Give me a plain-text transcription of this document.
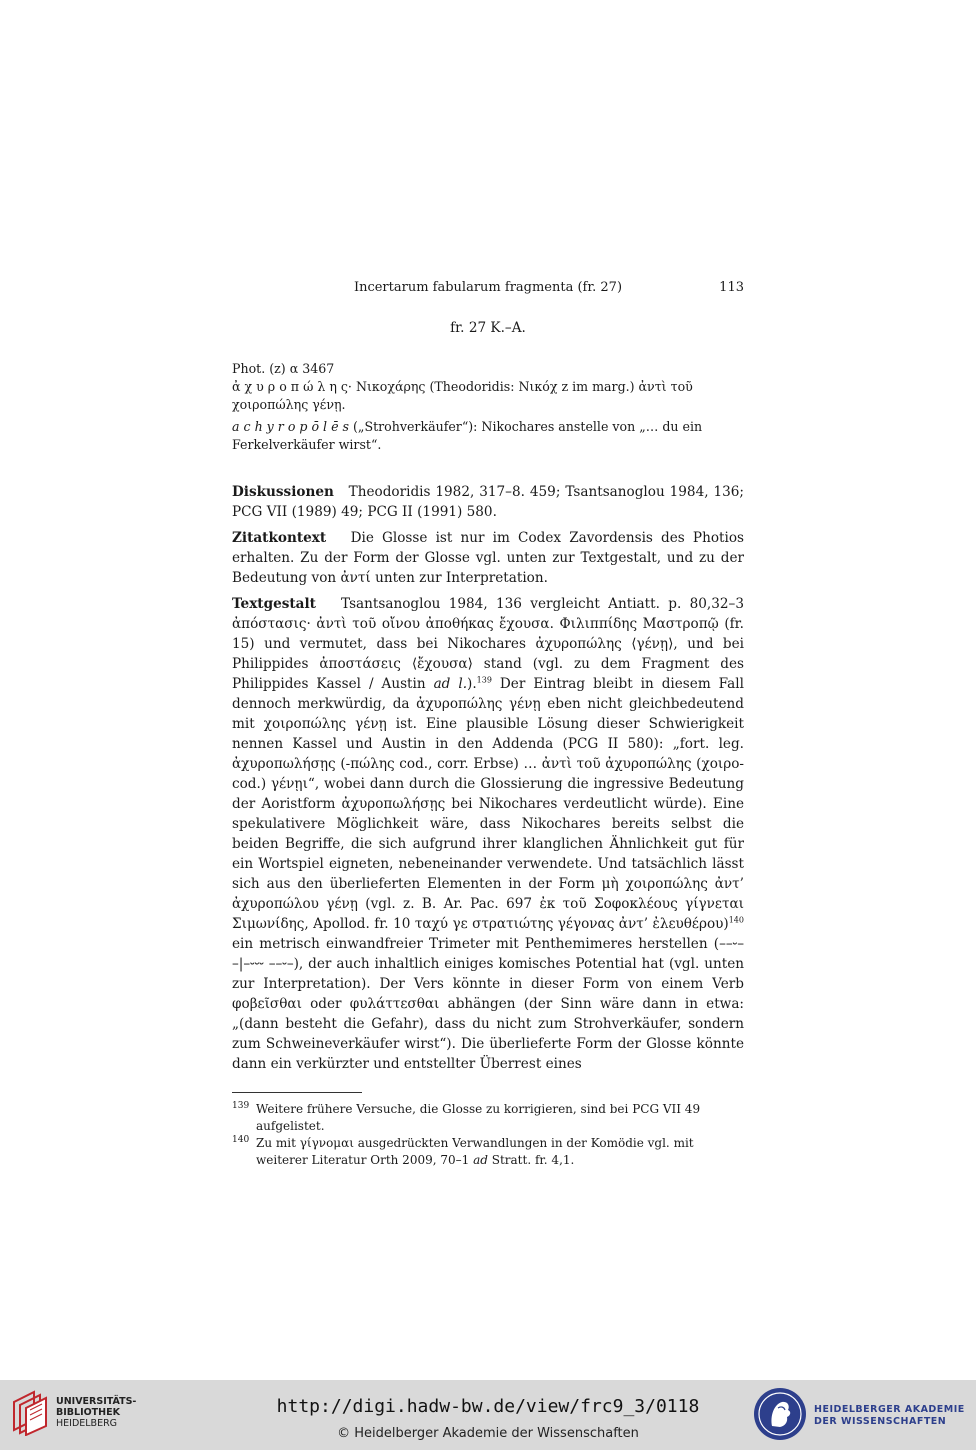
Incertarum fabularum fragmenta (fr. 27)	113
fr. 27 K.–A.

Phot. (z) α 3467

ἀ χ υ ρ ο π ώ λ η ς· Νικοχάρης (Theodoridis: Νικόχ z im marg.) ἀντὶ τοῦ χοιροπώλης γένῃ.

a c h y r o p ō l ē s („Strohverkäufer“): Nikochares anstelle von „… du ein Ferkelverkäufer wirst“.

Diskussionen Theodoridis 1982, 317–8. 459; Tsantsanoglou 1984, 136; PCG VII (1989) 49; PCG II (1991) 580.

Zitatkontext Die Glosse ist nur im Codex Zavordensis des Photios erhalten. Zu der Form der Glosse vgl. unten zur Textgestalt, und zu der Bedeutung von ἀντί unten zur Interpretation.

Textgestalt Tsantsanoglou 1984, 136 vergleicht Antiatt. p. 80,32–3 ἀπόστασις· ἀντὶ τοῦ οἴνου ἀποθήκας ἔχουσα. Φιλιππίδης Μαστροπῷ (fr. 15) und vermutet, dass bei Nikochares ἀχυροπώλης ⟨γένῃ⟩, und bei Philippides ἀποστάσεις ⟨ἔχουσα⟩ stand (vgl. zu dem Fragment des Philippides Kassel / Austin ad l.).$^{139}$ Der Eintrag bleibt in diesem Fall dennoch merkwürdig, da ἀχυροπώλης γένῃ eben nicht gleichbedeutend mit χοιροπώλης γένῃ ist. Eine plausible Lösung dieser Schwierigkeit nennen Kassel und Austin in den Addenda (PCG II 580): „fort. leg. ἀχυροπωλήσῃς (-πώλης cod., corr. Erbse) … ἀντὶ τοῦ ἀχυροπώλης (χοιρο- cod.) γένῃι“, wobei dann durch die Glossierung die ingressive Bedeutung der Aoristform ἀχυροπωλήσῃς bei Nikochares verdeutlicht würde). Eine spekulativere Möglichkeit wäre, dass Nikochares bereits selbst die beiden Begriffe, die sich aufgrund ihrer klanglichen Ähnlichkeit gut für ein Wortspiel eigneten, nebeneinander verwendete. Und tatsächlich lässt sich aus den überlieferten Elementen in der Form μὴ χοιροπώλης ἀντ’ ἀχυροπώλου γένῃ (vgl. z. B. Ar. Pac. 697 ἐκ τοῦ Σοφοκλέους γίγνεται Σιμωνίδης, Apollod. fr. 10 ταχύ γε στρατιώτης γέγονας ἀντ’ ἐλευθέρου)$^{140}$ ein metrisch einwandfreier Trimeter mit Penthemimeres herstellen (––⏑– –|–⏑⏑⏑ ––⏑–), der auch inhaltlich einiges komisches Potential hat (vgl. unten zur Interpretation). Der Vers könnte in dieser Form von einem Verb φοβεῖσθαι oder φυλάττεσθαι abhängen (der Sinn wäre dann in etwa: „(dann besteht die Gefahr), dass du nicht zum Strohverkäufer, sondern zum Schweineverkäufer wirst“). Die überlieferte Form der Glosse könnte dann ein verkürzter und entstellter Überrest eines

139 Weitere frühere Versuche, die Glosse zu korrigieren, sind bei PCG VII 49 aufgelistet.

140 Zu mit γίγνομαι ausgedrückten Verwandlungen in der Komödie vgl. mit weiterer Literatur Orth 2009, 70–1 ad Stratt. fr. 4,1.

UNIVERSITÄTS-
BIBLIOTHEK
HEIDELBERG
http://digi.hadw-bw.de/view/frc9_3/0118
© Heidelberger Akademie der Wissenschaften
HEIDELBERGER AKADEMIE
DER WISSENSCHAFTEN
